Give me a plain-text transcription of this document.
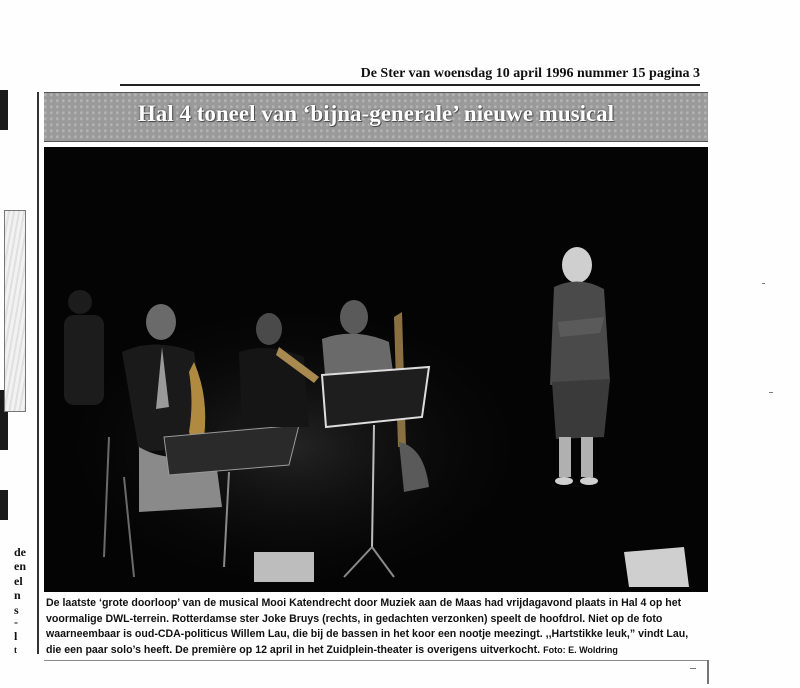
de
en
el
n
s
-
l
t
De Ster van woensdag 10 april 1996 nummer 15 pagina 3
Hal 4 toneel van ‘bijna-generale’ nieuwe musical
De laatste ‘grote doorloop’ van de musical Mooi Katendrecht door Muziek aan de Maas had vrijdagavond plaats in Hal 4 op het
voormalige DWL-terrein. Rotterdamse ster Joke Bruys (rechts, in gedachten verzonken) speelt de hoofdrol. Niet op de foto
waarneembaar is oud-CDA-politicus Willem Lau, die bij de bassen in het koor een nootje meezingt. ,,Hartstikke leuk,” vindt Lau,
die een paar solo’s heeft. De première op 12 april in het Zuidplein-theater is overigens uitverkocht. Foto: E. Woldring
